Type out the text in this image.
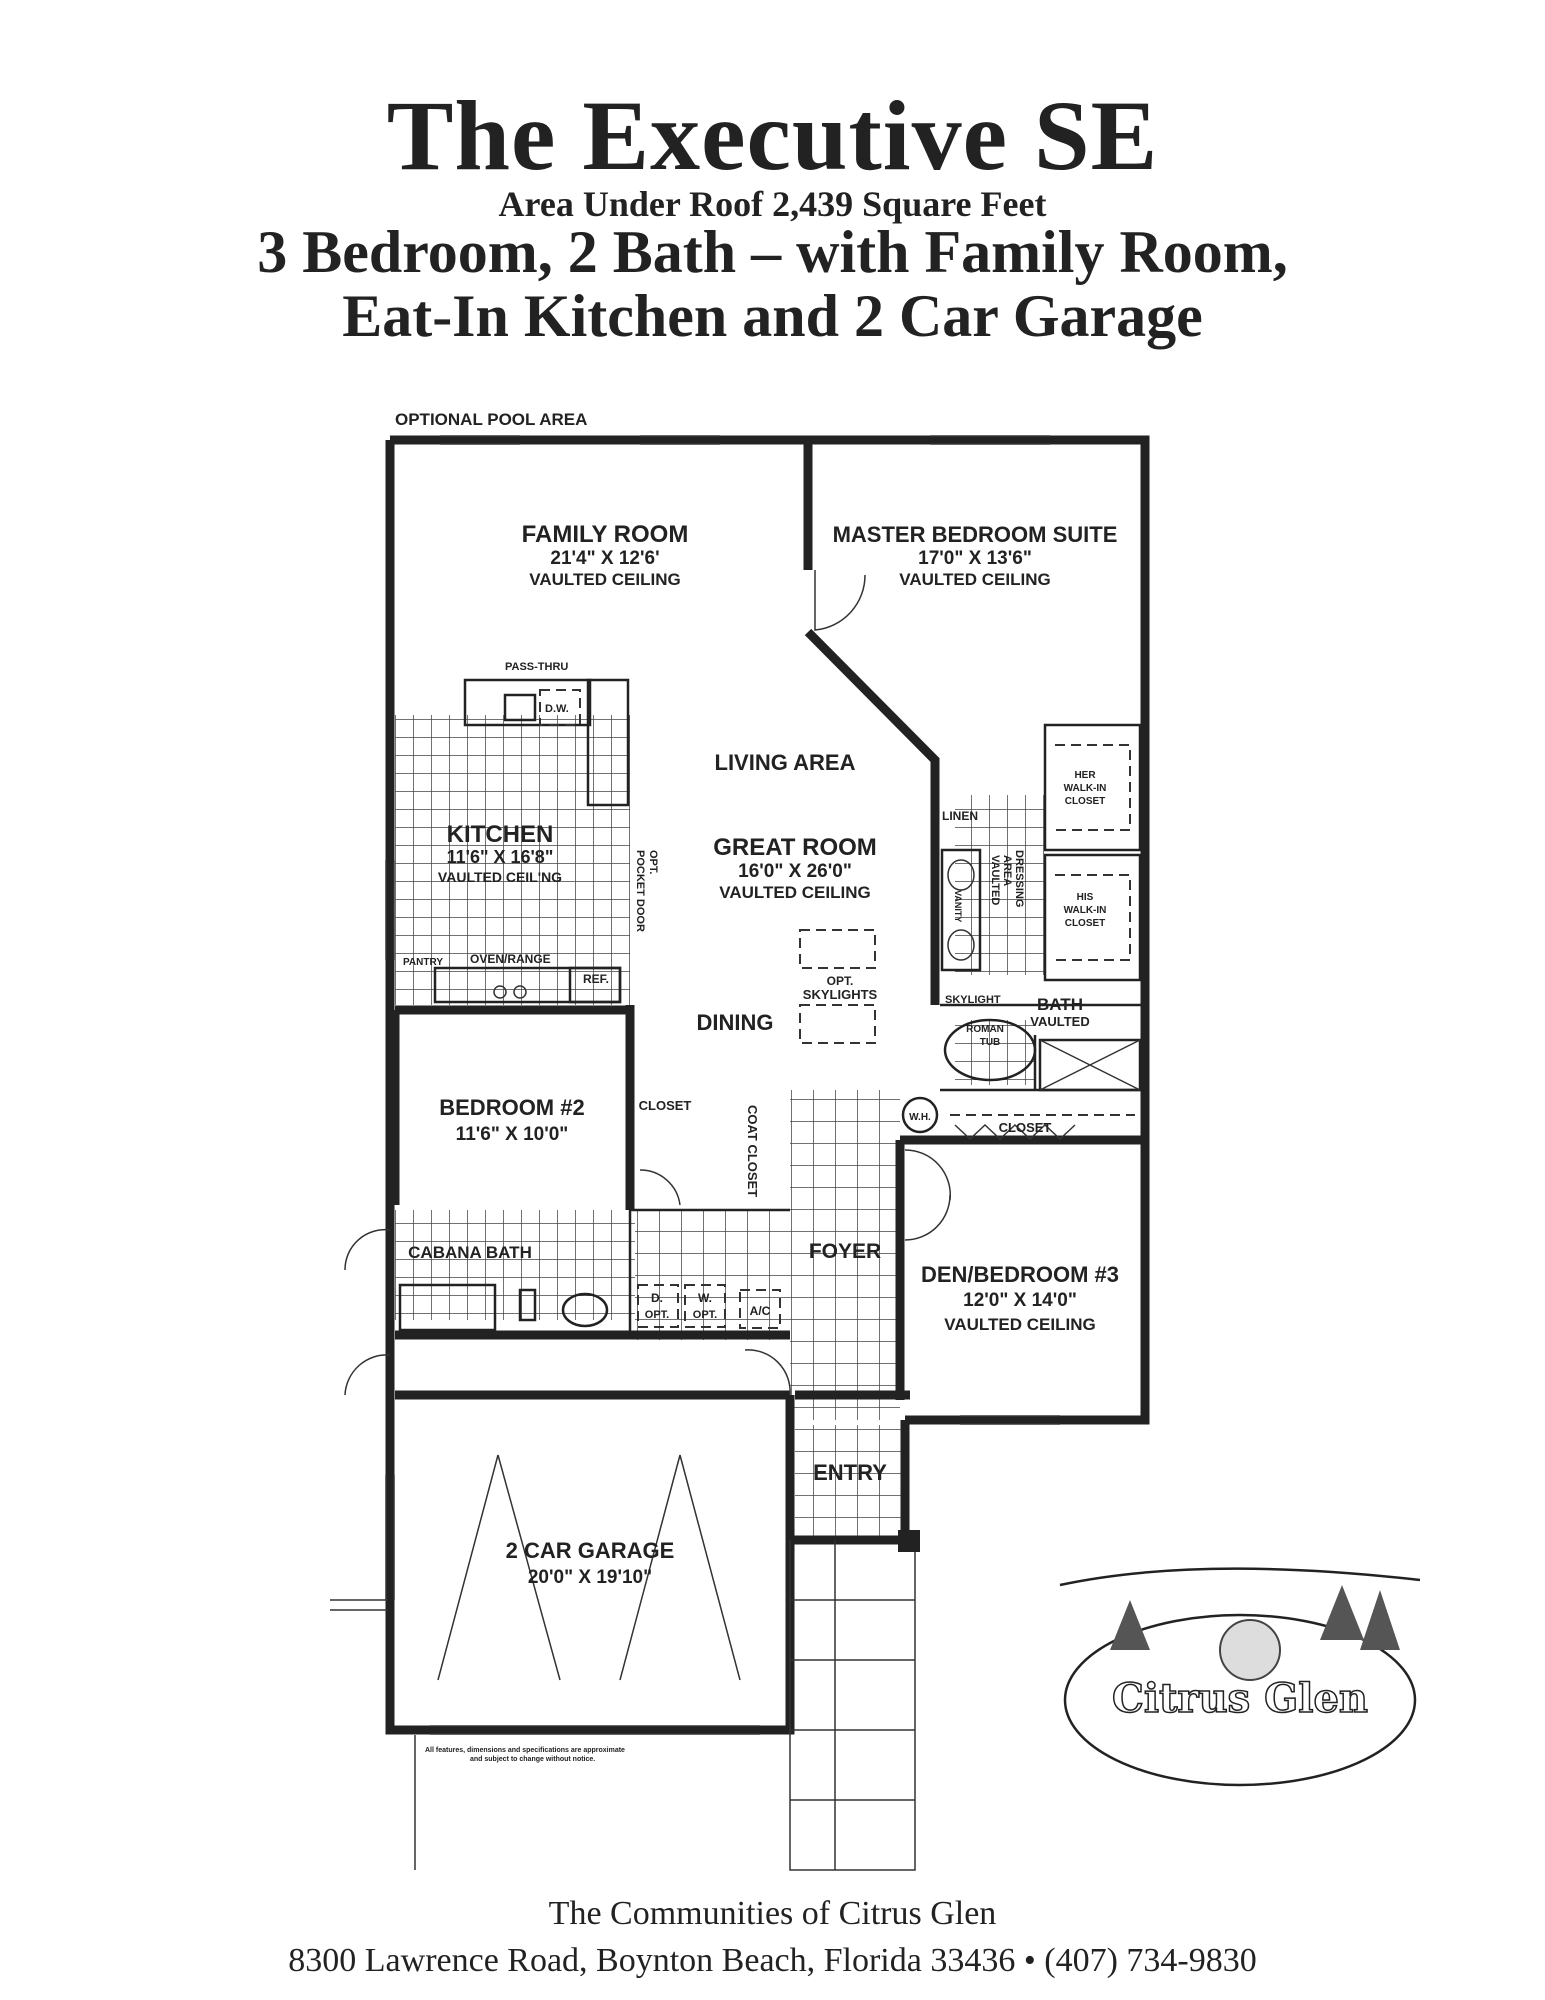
The Executive SE
Area Under Roof 2,439 Square Feet
3 Bedroom, 2 Bath – with Family Room,
Eat-In Kitchen and 2 Car Garage
Citrus Glen
OPTIONAL POOL AREA
FAMILY ROOM
21'4" X 12'6'
VAULTED CEILING
MASTER BEDROOM SUITE
17'0" X 13'6"
VAULTED CEILING
PASS-THRU
D.W.
LIVING AREA
GREAT ROOM
16'0" X 26'0"
VAULTED CEILING
KITCHEN
11'6" X 16'8"
VAULTED CEIL'NG
OPT.
POCKET DOOR
PANTRY OVEN/RANGE
REF.	OPT.
SKYLIGHTS
DINING
LINEN
DRESSING
AREA
VAULTED
VANITY
HER
WALK-IN
CLOSET
HIS
WALK-IN
CLOSET
SKYLIGHT BATH
VAULTED
ROMAN
TUB
BEDROOM #2
11'6" X 10'0"
CLOSET	COAT CLOSET	W.H.
CLOSET
FOYER
CABANA BATH
D.
OPT.
W.
OPT.	A/C
DEN/BEDROOM #3
12'0" X 14'0"
VAULTED CEILING
ENTRY
2 CAR GARAGE
20'0" X 19'10"
All features, dimensions and specifications are approximate
and subject to change without notice.
The Communities of Citrus Glen
8300 Lawrence Road, Boynton Beach, Florida 33436 • (407) 734-9830
